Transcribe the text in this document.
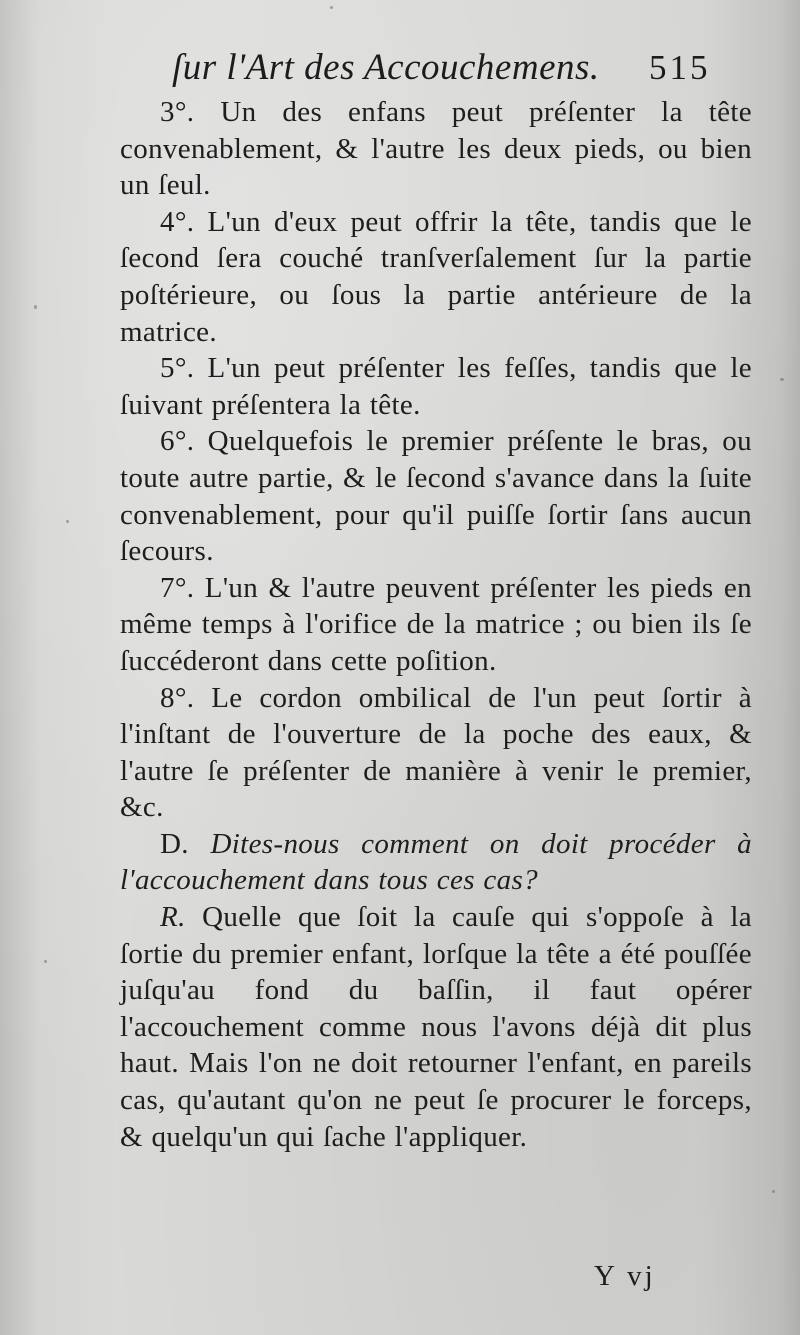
ſur l'Art des Accouchemens. 515

3°. Un des enfans peut préſenter la tête convenablement, & l'autre les deux pieds, ou bien un ſeul.

4°. L'un d'eux peut offrir la tête, tandis que le ſecond ſera couché tranſverſalement ſur la partie poſtérieure, ou ſous la partie antérieure de la matrice.

5°. L'un peut préſenter les feſſes, tandis que le ſuivant préſentera la tête.

6°. Quelquefois le premier préſente le bras, ou toute autre partie, & le ſecond s'avance dans la ſuite convenablement, pour qu'il puiſſe ſortir ſans aucun ſecours.

7°. L'un & l'autre peuvent préſenter les pieds en même temps à l'orifice de la matrice ; ou bien ils ſe ſuccéderont dans cette poſition.

8°. Le cordon ombilical de l'un peut ſortir à l'inſtant de l'ouverture de la poche des eaux, & l'autre ſe préſenter de manière à venir le premier, &c.

D. Dites-nous comment on doit procéder à l'accouchement dans tous ces cas?

R. Quelle que ſoit la cauſe qui s'oppoſe à la ſortie du premier enfant, lorſque la tête a été pouſſée juſqu'au fond du baſſin, il faut opérer l'accouchement comme nous l'avons déjà dit plus haut. Mais l'on ne doit retourner l'enfant, en pareils cas, qu'autant qu'on ne peut ſe procurer le forceps, & quelqu'un qui ſache l'appliquer.

Y vj
